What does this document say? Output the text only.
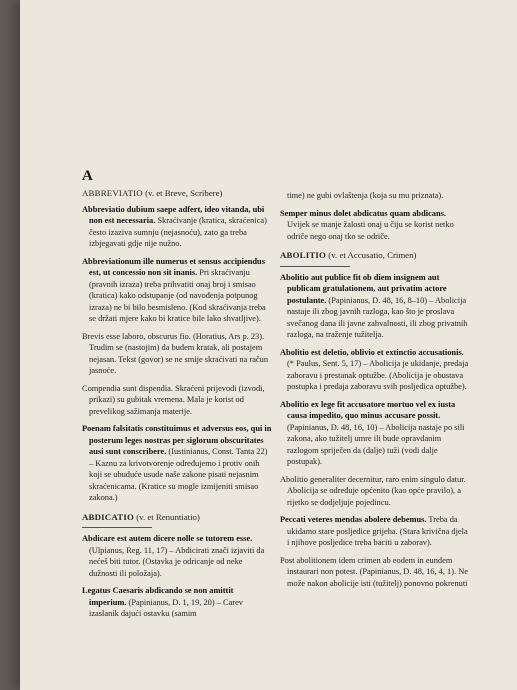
A
ABBREVIATIO (v. et Breve, Scribere)

Abbreviatio dubium saepe adfert, ideo vitanda, ubi non est necessaria. Skraćivanje (kratica, skraćenica) često izaziva sumnju (nejasnoću), zato ga treba izbjegavati gdje nije nužno.

Abbreviationum ille numerus et sensus accipiendus est, ut concessio non sit inanis. Pri skraćivanju (pravnih izraza) treba prihvatiti onaj broj i smisao (kratica) kako odstupanje (od navođenja potpunog izraza) ne bi bilo besmisleno. (Kod skraćivanja treba se držati mjere kako bi kratice bile lako shvatljive).

Brevis esse laboro, obscurus fio. (Horatius, Ars p. 23). Trudim se (nastojim) da budem kratak, ali postajem nejasan. Tekst (govor) se ne smije skraćivati na račun jasnoće.

Compendia sunt dispendia. Skraćeni prijevodi (izvodi, prikazi) su gubitak vremena. Mala je korist od prevelikog sažimanja materije.

Poenam falsitatis constituimus et adversus eos, qui in posterum leges nostras per siglorum obscuritates ausi sunt conscribere. (Iustinianus, Const. Tanta 22) – Kaznu za krivotvorenje određujemo i protiv onih koji se ubuduće usude naše zakone pisati nejasnim skraćenicama. (Kratice su mogle izmijeniti smisao zakona.)

ABDICATIO (v. et Renuntiatio)

Abdicare est autem dicere nolle se tutorem esse. (Ulpianus, Reg. 11, 17) – Abdicirati znači izjaviti da nećeš biti tutor. (Ostavka je odricanje od neke dužnosti ili položaja).

Legatus Caesaris abdicando se non amittit imperium. (Papinianus, D. 1, 19, 20) – Carev izaslanik dajući ostavku (samim

time) ne gubi ovlaštenja (koja su mu priznata).

Semper minus dolet abdicatus quam abdicans. Uvijek se manje žalosti onaj u čiju se korist netko odriče nego onaj tko se odriče.

ABOLITIO (v. et Accusatio, Crimen)

Abolitio aut publice fit ob diem insignem aut publicam gratulationem, aut privatim actore postulante. (Papinianus, D. 48, 16, 8–10) – Abolicija nastaje ili zbog javnih razloga, kao što je proslava svečanog dana ili javne zahvalnosti, ili zbog privatnih razloga, na traženje tužitelja.

Abolitio est deletio, oblivio et extinctio accusationis. (* Paulus, Sent. 5, 17) – Abolicija je ukidanje, predaja zaboravu i prestanak optužbe. (Abolicija je obustava postupka i predaja zaboravu svih posljedica optužbe).

Abolitio ex lege fit accusatore mortuo vel ex iusta causa impedito, quo minus accusare possit. (Papinianus, D. 48, 16, 10) – Abolicija nastaje po sili zakona, ako tužitelj umre ili bude opravdanim razlogom spriječen da (dalje) tuži (vodi dalje postupak).

Abolitio generaliter decernitur, raro enim singulo datur. Abolicija se određuje općenito (kao opće pravilo), a rijetko se dodjeljuje pojedincu.

Peccati veteres mendas abolere debemus. Treba da ukidamo stare posljedice grijeha. (Stara krivična djela i njihove posljedice treba baciti u zaborav).

Post abolitionem idem crimen ab eodem in eundem instaurari non potest. (Papinianus, D. 48, 16, 4, 1). Ne može nakon abolicije isti (tužitelj) ponovno pokrenuti
